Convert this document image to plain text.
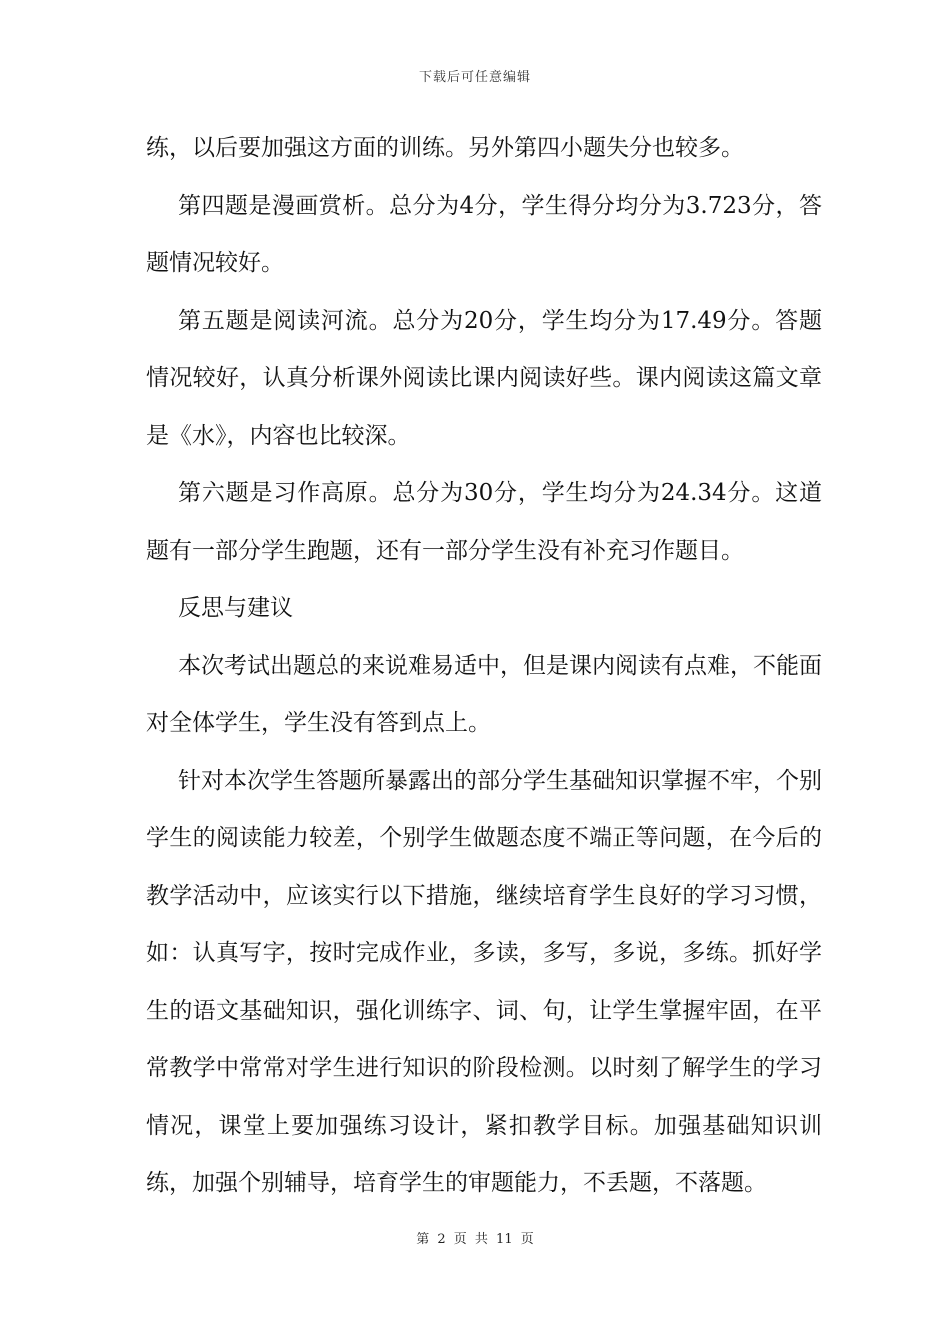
下载后可任意编辑

练，以后要加强这方面的训练。另外第四小题失分也较多。

第四题是漫画赏析。总分为4分，学生得分均分为3.723分，答题情况较好。

第五题是阅读河流。总分为20分，学生均分为17.49分。答题情况较好，认真分析课外阅读比课内阅读好些。课内阅读这篇文章是《水》，内容也比较深。

第六题是习作高原。总分为30分，学生均分为24.34分。这道题有一部分学生跑题，还有一部分学生没有补充习作题目。

反思与建议

本次考试出题总的来说难易适中，但是课内阅读有点难，不能面对全体学生，学生没有答到点上。

针对本次学生答题所暴露出的部分学生基础知识掌握不牢，个别学生的阅读能力较差，个别学生做题态度不端正等问题，在今后的教学活动中，应该实行以下措施，继续培育学生良好的学习习惯，如：认真写字，按时完成作业，多读，多写，多说，多练。抓好学生的语文基础知识，强化训练字、词、句，让学生掌握牢固，在平常教学中常常对学生进行知识的阶段检测。以时刻了解学生的学习情况，课堂上要加强练习设计，紧扣教学目标。加强基础知识训练，加强个别辅导，培育学生的审题能力，不丢题，不落题。

第 2 页 共 11 页
